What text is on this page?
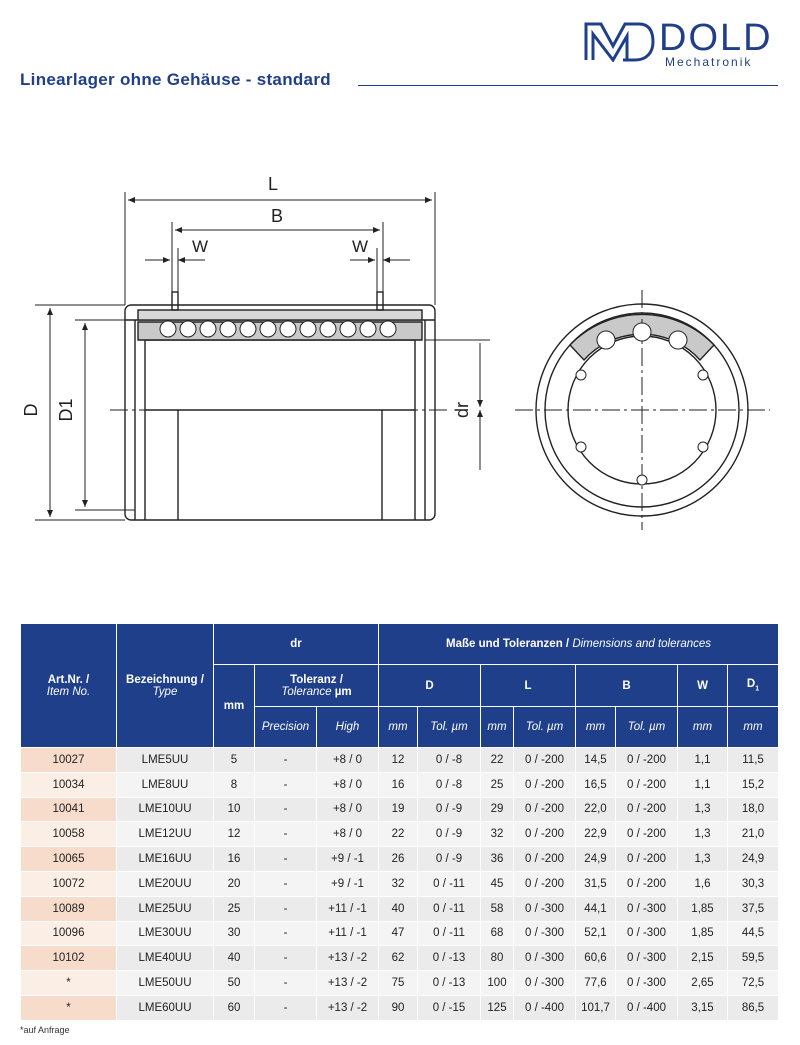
DOLD
Mechatronik
Linearlager ohne Gehäuse - standard
L
B
W	W
D D1	dr
Art.Nr. /
Item No.	Bezeichnung /
Type	dr			Maße und Toleranzen / Dimensions and tolerances							
		mm	Toleranz /
Tolerance µm		D		L		B		W	$D_1$
			Precision	High	mm	Tol. µm	mm	Tol. µm	mm	Tol. µm	mm	mm
10027	LME5UU	5	-	+8 / 0	12	0 / -8	22	0 / -200	14,5	0 / -200	1,1	11,5
10034	LME8UU	8	-	+8 / 0	16	0 / -8	25	0 / -200	16,5	0 / -200	1,1	15,2
10041	LME10UU	10	-	+8 / 0	19	0 / -9	29	0 / -200	22,0	0 / -200	1,3	18,0
10058	LME12UU	12	-	+8 / 0	22	0 / -9	32	0 / -200	22,9	0 / -200	1,3	21,0
10065	LME16UU	16	-	+9 / -1	26	0 / -9	36	0 / -200	24,9	0 / -200	1,3	24,9
10072	LME20UU	20	-	+9 / -1	32	0 / -11	45	0 / -200	31,5	0 / -200	1,6	30,3
10089	LME25UU	25	-	+11 / -1	40	0 / -11	58	0 / -300	44,1	0 / -300	1,85	37,5
10096	LME30UU	30	-	+11 / -1	47	0 / -11	68	0 / -300	52,1	0 / -300	1,85	44,5
10102	LME40UU	40	-	+13 / -2	62	0 / -13	80	0 / -300	60,6	0 / -300	2,15	59,5
*	LME50UU	50	-	+13 / -2	75	0 / -13	100	0 / -300	77,6	0 / -300	2,65	72,5
*	LME60UU	60	-	+13 / -2	90	0 / -15	125	0 / -400	101,7	0 / -400	3,15	86,5
*auf Anfrage
